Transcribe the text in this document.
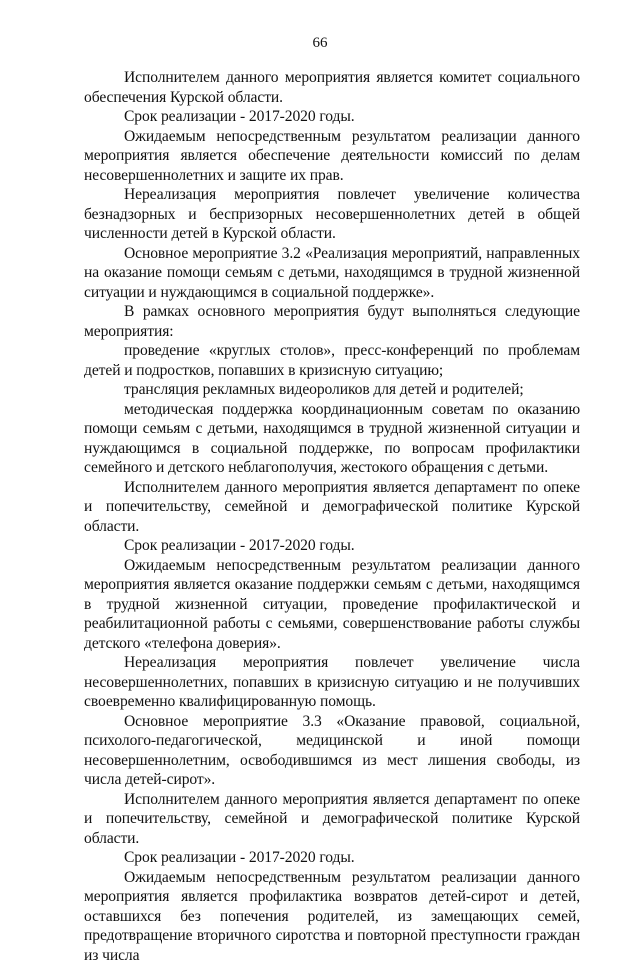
66

Исполнителем данного мероприятия является комитет социального обеспечения Курской области.

Срок реализации - 2017-2020 годы.

Ожидаемым непосредственным результатом реализации данного мероприятия является обеспечение деятельности комиссий по делам несовершеннолетних и защите их прав.

Нереализация мероприятия повлечет увеличение количества безнадзорных и беспризорных несовершеннолетних детей в общей численности детей в Курской области.

Основное мероприятие 3.2 «Реализация мероприятий, направленных на оказание помощи семьям с детьми, находящимся в трудной жизненной ситуации и нуждающимся в социальной поддержке».

В рамках основного мероприятия будут выполняться следующие мероприятия:

проведение «круглых столов», пресс-конференций по проблемам детей и подростков, попавших в кризисную ситуацию;

трансляция рекламных видеороликов для детей и родителей;

методическая поддержка координационным советам по оказанию помощи семьям с детьми, находящимся в трудной жизненной ситуации и нуждающимся в социальной поддержке, по вопросам профилактики семейного и детского неблагополучия, жестокого обращения с детьми.

Исполнителем данного мероприятия является департамент по опеке и попечительству, семейной и демографической политике Курской области.

Срок реализации - 2017-2020 годы.

Ожидаемым непосредственным результатом реализации данного мероприятия является оказание поддержки семьям с детьми, находящимся в трудной жизненной ситуации, проведение профилактической и реабилитационной работы с семьями, совершенствование работы службы детского «телефона доверия».

Нереализация мероприятия повлечет увеличение числа несовершеннолетних, попавших в кризисную ситуацию и не получивших своевременно квалифицированную помощь.

Основное мероприятие 3.3 «Оказание правовой, социальной, психолого-педагогической, медицинской и иной помощи несовершеннолетним, освободившимся из мест лишения свободы, из числа детей-сирот».

Исполнителем данного мероприятия является департамент по опеке и попечительству, семейной и демографической политике Курской области.

Срок реализации - 2017-2020 годы.

Ожидаемым непосредственным результатом реализации данного мероприятия является профилактика возвратов детей-сирот и детей, оставшихся без попечения родителей, из замещающих семей, предотвращение вторичного сиротства и повторной преступности граждан из числа
